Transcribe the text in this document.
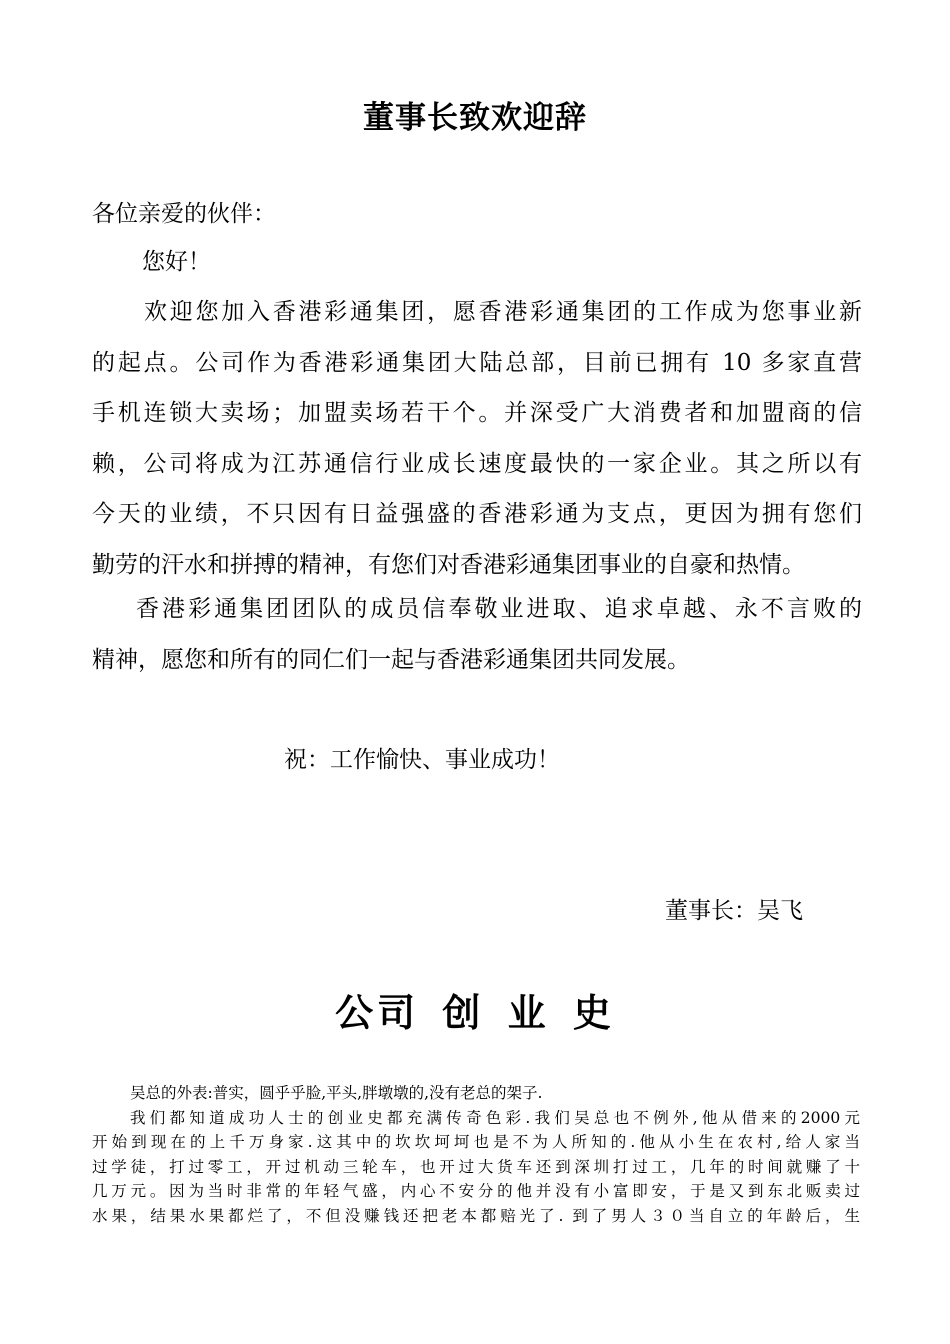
董事长致欢迎辞
各位亲爱的伙伴：
您好！
欢迎您加入香港彩通集团，愿香港彩通集团的工作成为您事业新
的起点。公司作为香港彩通集团大陆总部，目前已拥有 10 多家直营
手机连锁大卖场；加盟卖场若干个。并深受广大消费者和加盟商的信
赖，公司将成为江苏通信行业成长速度最快的一家企业。其之所以有
今天的业绩，不只因有日益强盛的香港彩通为支点，更因为拥有您们
勤劳的汗水和拼搏的精神，有您们对香港彩通集团事业的自豪和热情。
香港彩通集团团队的成员信奉敬业进取、追求卓越、永不言败的
精神，愿您和所有的同仁们一起与香港彩通集团共同发展。
祝：工作愉快、事业成功！
董事长：吴飞
公司 创 业 史
吴总的外表:普实，圆乎乎脸,平头,胖墩墩的,没有老总的架子.
我们都知道成功人士的创业史都充满传奇色彩.我们吴总也不例外,他从借来的2000元
开始到现在的上千万身家.这其中的坎坎坷坷也是不为人所知的.他从小生在农村,给人家当
过学徒，打过零工，开过机动三轮车，也开过大货车还到深圳打过工，几年的时间就赚了十
几万元。因为当时非常的年轻气盛，内心不安分的他并没有小富即安，于是又到东北贩卖过
水果，结果水果都烂了，不但没赚钱还把老本都赔光了. 到了男人３０当自立的年龄后，生
